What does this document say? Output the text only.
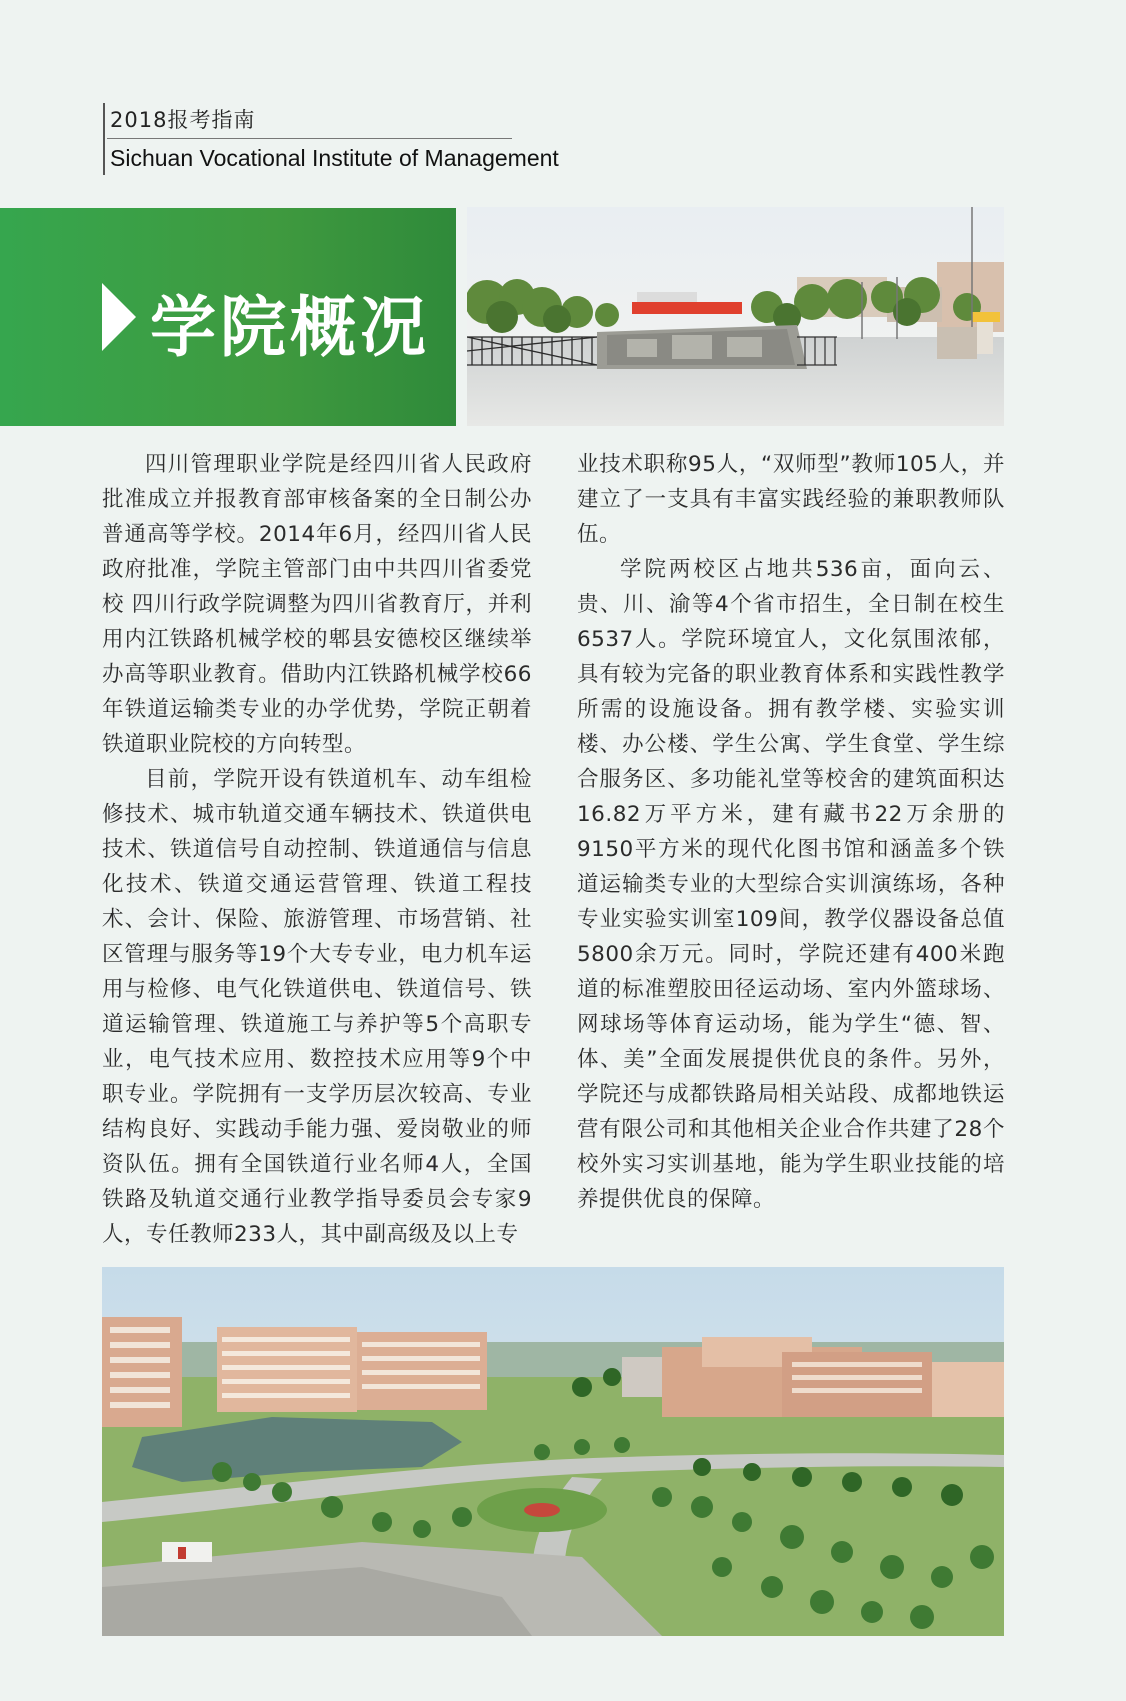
2018报考指南
Sichuan Vocational Institute of Management
学院概况

四川管理职业学院是经四川省人民政府批准成立并报教育部审核备案的全日制公办普通高等学校。2014年6月，经四川省人民政府批准，学院主管部门由中共四川省委党校 四川行政学院调整为四川省教育厅，并利用内江铁路机械学校的郫县安德校区继续举办高等职业教育。借助内江铁路机械学校66年铁道运输类专业的办学优势，学院正朝着铁道职业院校的方向转型。

目前，学院开设有铁道机车、动车组检修技术、城市轨道交通车辆技术、铁道供电技术、铁道信号自动控制、铁道通信与信息化技术、铁道交通运营管理、铁道工程技术、会计、保险、旅游管理、市场营销、社区管理与服务等19个大专专业，电力机车运用与检修、电气化铁道供电、铁道信号、铁道运输管理、铁道施工与养护等5个高职专业，电气技术应用、数控技术应用等9个中职专业。学院拥有一支学历层次较高、专业结构良好、实践动手能力强、爱岗敬业的师资队伍。拥有全国铁道行业名师4人，全国铁路及轨道交通行业教学指导委员会专家9人，专任教师233人，其中副高级及以上专

业技术职称95人，“双师型”教师105人，并建立了一支具有丰富实践经验的兼职教师队伍。

学院两校区占地共536亩，面向云、贵、川、渝等4个省市招生，全日制在校生6537人。学院环境宜人，文化氛围浓郁，具有较为完备的职业教育体系和实践性教学所需的设施设备。拥有教学楼、实验实训楼、办公楼、学生公寓、学生食堂、学生综合服务区、多功能礼堂等校舍的建筑面积达16.82万平方米，建有藏书22万余册的9150平方米的现代化图书馆和涵盖多个铁道运输类专业的大型综合实训演练场，各种专业实验实训室109间，教学仪器设备总值5800余万元。同时，学院还建有400米跑道的标准塑胶田径运动场、室内外篮球场、网球场等体育运动场，能为学生“德、智、体、美”全面发展提供优良的条件。另外，学院还与成都铁路局相关站段、成都地铁运营有限公司和其他相关企业合作共建了28个校外实习实训基地，能为学生职业技能的培养提供优良的保障。
